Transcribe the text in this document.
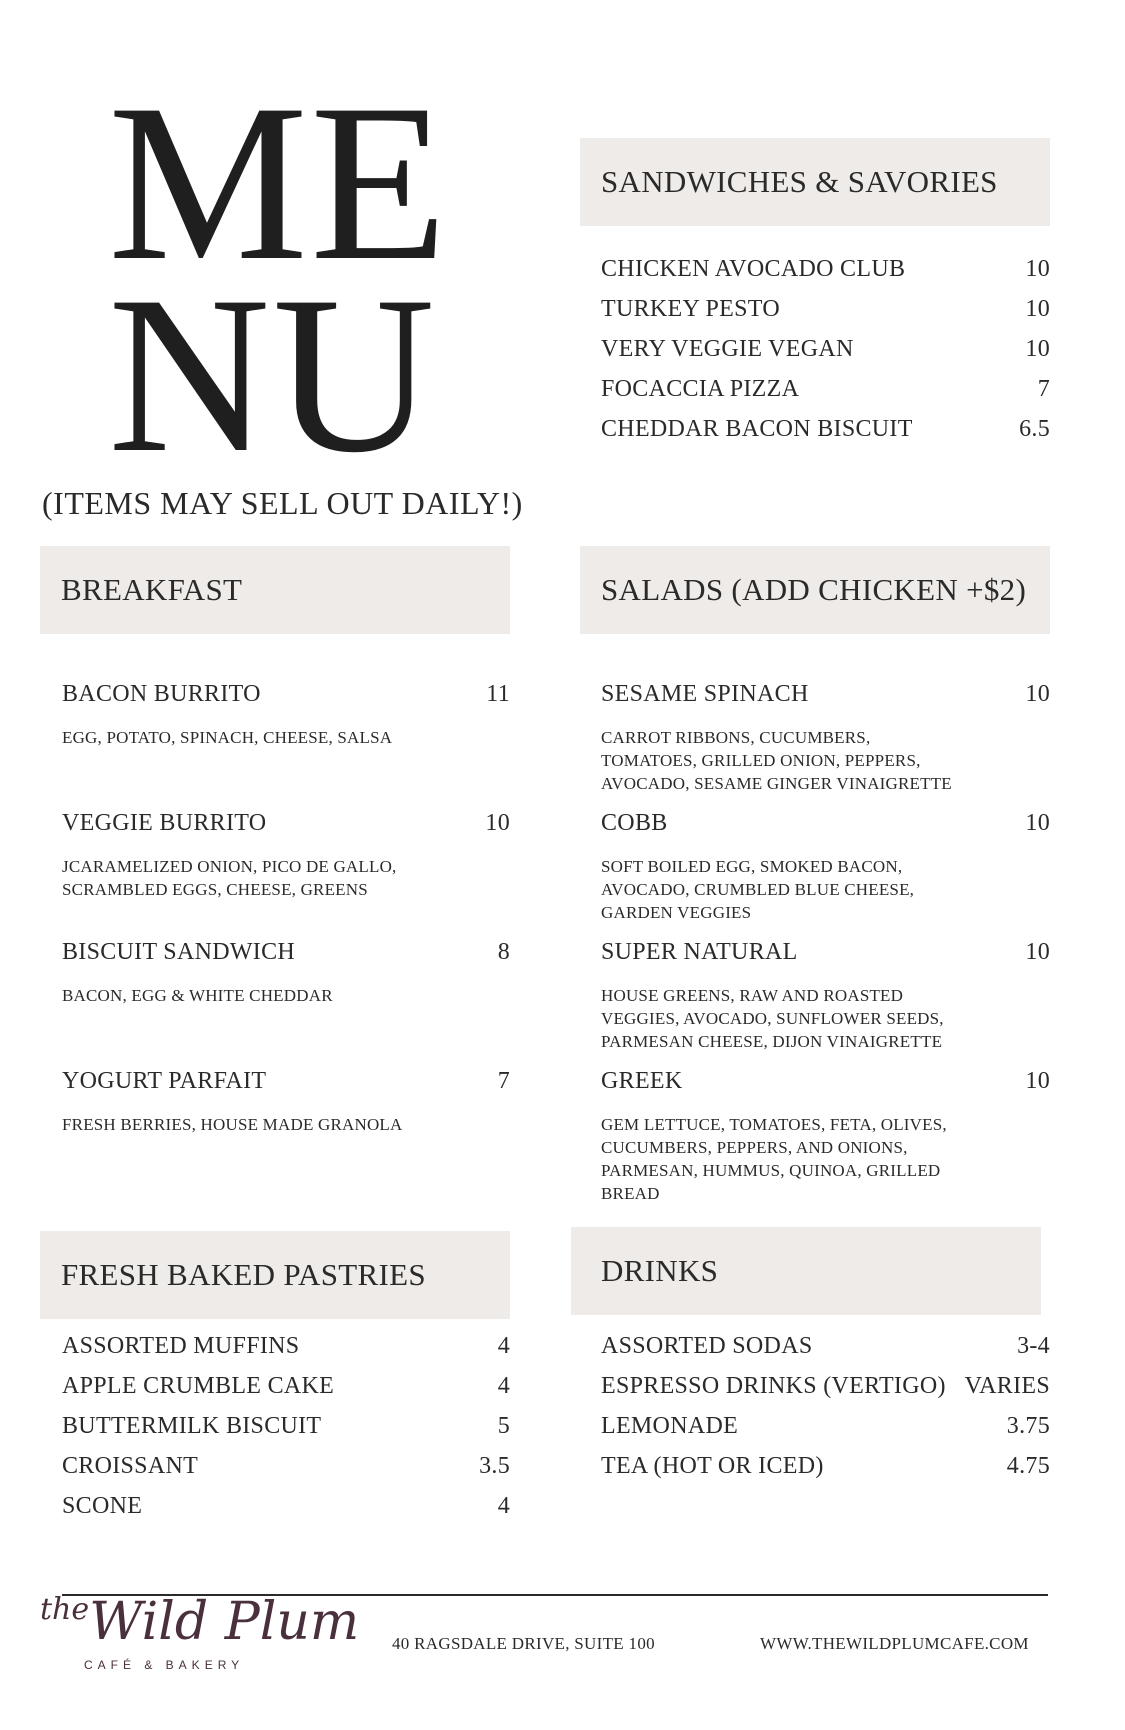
ME
NU
(ITEMS MAY SELL OUT DAILY!)
SANDWICHES & SAVORIES
CHICKEN AVOCADO CLUB	10
TURKEY PESTO	10
VERY VEGGIE VEGAN	10
FOCACCIA PIZZA	7
CHEDDAR BACON BISCUIT	6.5
BREAKFAST
BACON BURRITO	11
EGG, POTATO, SPINACH, CHEESE, SALSA
VEGGIE BURRITO	10
JCARAMELIZED ONION, PICO DE GALLO,
SCRAMBLED EGGS, CHEESE, GREENS
BISCUIT SANDWICH	8
BACON, EGG & WHITE CHEDDAR
YOGURT PARFAIT	7
FRESH BERRIES, HOUSE MADE GRANOLA
SALADS (ADD CHICKEN +$2)
SESAME SPINACH	10
CARROT RIBBONS, CUCUMBERS,
TOMATOES, GRILLED ONION, PEPPERS,
AVOCADO, SESAME GINGER VINAIGRETTE
COBB	10
SOFT BOILED EGG, SMOKED BACON,
AVOCADO, CRUMBLED BLUE CHEESE,
GARDEN VEGGIES
SUPER NATURAL	10
HOUSE GREENS, RAW AND ROASTED
VEGGIES, AVOCADO, SUNFLOWER SEEDS,
PARMESAN CHEESE, DIJON VINAIGRETTE
GREEK	10
GEM LETTUCE, TOMATOES, FETA, OLIVES,
CUCUMBERS, PEPPERS, AND ONIONS,
PARMESAN, HUMMUS, QUINOA, GRILLED
BREAD
FRESH BAKED PASTRIES
ASSORTED MUFFINS	4
APPLE CRUMBLE CAKE	4
BUTTERMILK BISCUIT	5
CROISSANT	3.5
SCONE	4
DRINKS
ASSORTED SODAS	3-4
ESPRESSO DRINKS (VERTIGO) VARIES
LEMONADE	3.75
TEA (HOT OR ICED)	4.75
theWild Plum
CAFÉ & BAKERY
40 RAGSDALE DRIVE, SUITE 100	WWW.THEWILDPLUMCAFE.COM
